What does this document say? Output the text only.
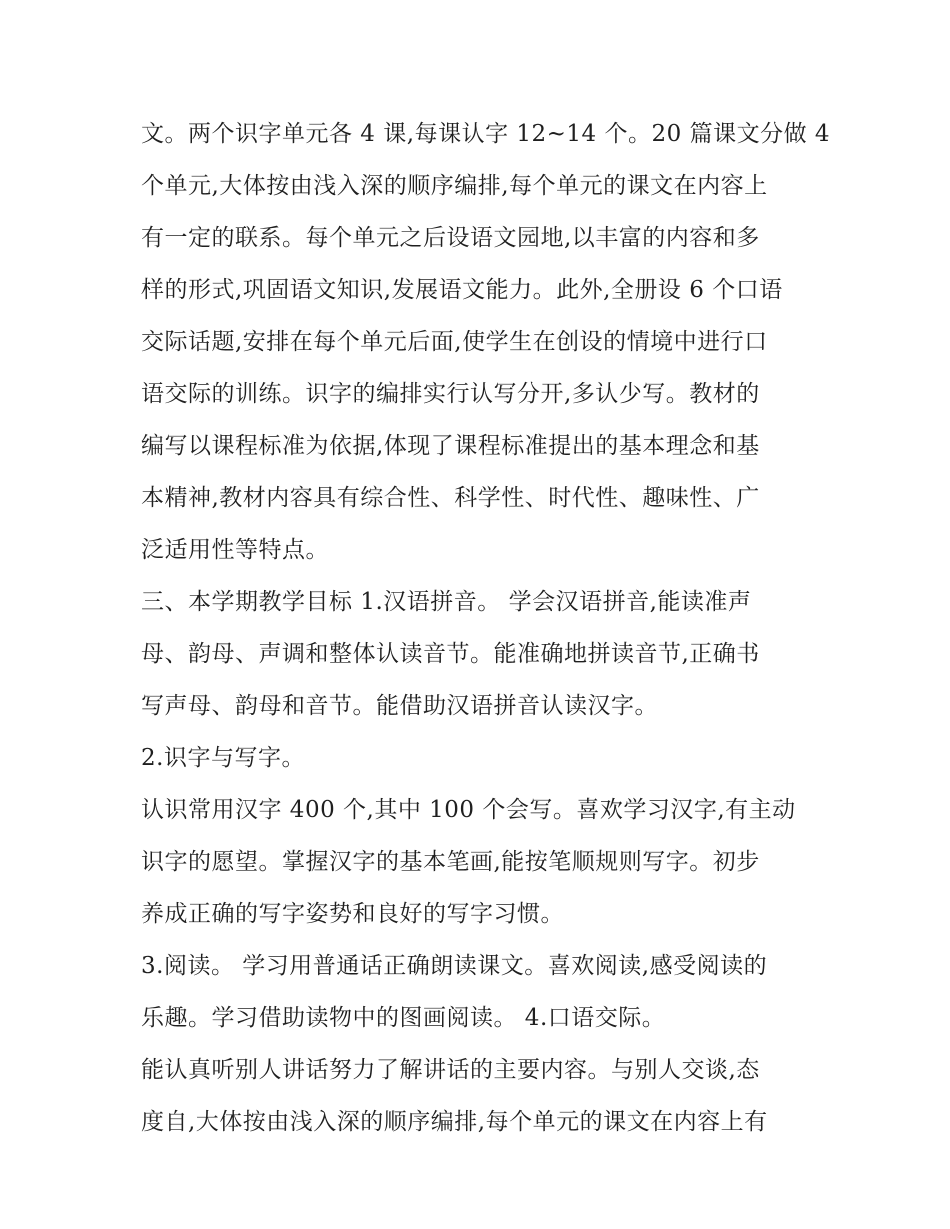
文。两个识字单元各 4 课,每课认字 12~14 个。20 篇课文分做 4
个单元,大体按由浅入深的顺序编排,每个单元的课文在内容上
有一定的联系。每个单元之后设语文园地,以丰富的内容和多
样的形式,巩固语文知识,发展语文能力。此外,全册设 6 个口语
交际话题,安排在每个单元后面,使学生在创设的情境中进行口
语交际的训练。识字的编排实行认写分开,多认少写。教材的
编写以课程标准为依据,体现了课程标准提出的基本理念和基
本精神,教材内容具有综合性、科学性、时代性、趣味性、广
泛适用性等特点。
三、本学期教学目标 1.汉语拼音。 学会汉语拼音,能读准声
母、韵母、声调和整体认读音节。能准确地拼读音节,正确书
写声母、韵母和音节。能借助汉语拼音认读汉字。
2.识字与写字。
认识常用汉字 400 个,其中 100 个会写。喜欢学习汉字,有主动
识字的愿望。掌握汉字的基本笔画,能按笔顺规则写字。初步
养成正确的写字姿势和良好的写字习惯。
3.阅读。 学习用普通话正确朗读课文。喜欢阅读,感受阅读的
乐趣。学习借助读物中的图画阅读。 4.口语交际。
能认真听别人讲话努力了解讲话的主要内容。与别人交谈,态
度自,大体按由浅入深的顺序编排,每个单元的课文在内容上有
